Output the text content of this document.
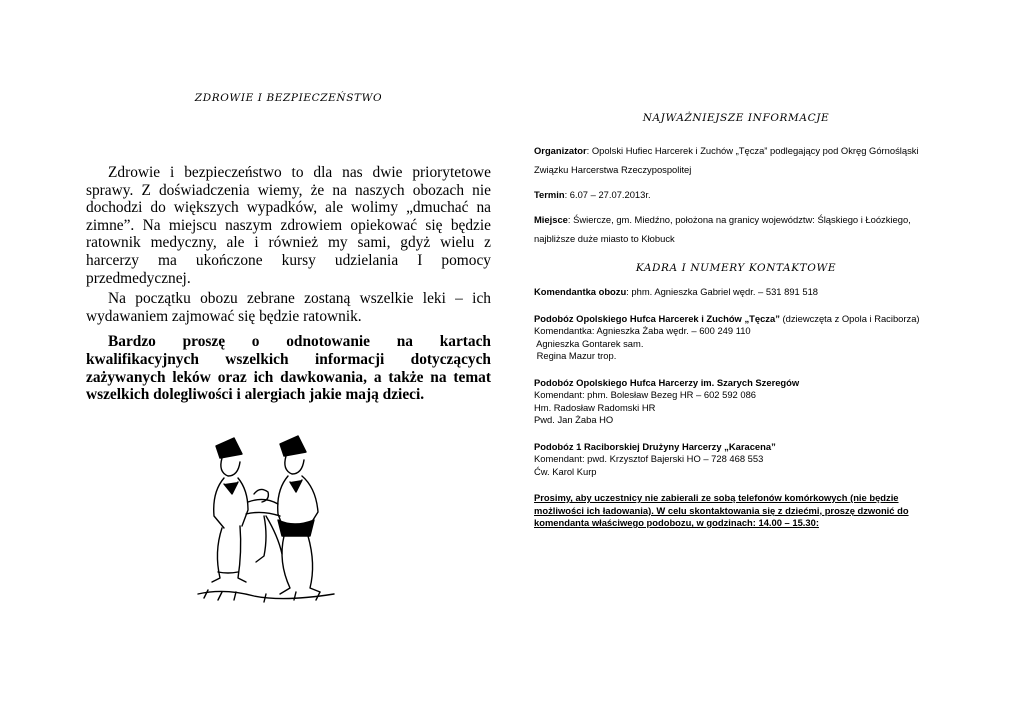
ZDROWIE I BEZPIECZEŃSTWO

Zdrowie i bezpieczeństwo to dla nas dwie priorytetowe sprawy. Z doświadczenia wiemy, że na naszych obozach nie dochodzi do większych wypadków, ale wolimy „dmuchać na zimne”. Na miejscu naszym zdrowiem opiekować się będzie ratownik medyczny, ale i również my sami, gdyż wielu z harcerzy ma ukończone kursy udzielania I pomocy przedmedycznej.

Na początku obozu zebrane zostaną wszelkie leki – ich wydawaniem zajmować się będzie ratownik.

Bardzo proszę o odnotowanie na kartach kwalifikacyjnych wszelkich informacji dotyczących zażywanych leków oraz ich dawkowania, a także na temat wszelkich dolegliwości i alergiach jakie mają dzieci.

NAJWAŻNIEJSZE INFORMACJE
Organizator: Opolski Hufiec Harcerek i Zuchów „Tęcza” podlegający pod Okręg Górnośląski Związku Harcerstwa Rzeczypospolitej
Termin: 6.07 – 27.07.2013r.
Miejsce: Świercze, gm. Miedźno, położona na granicy województw: Śląskiego i Łoózkiego, najbliższe duże miasto to Kłobuck
KADRA I NUMERY KONTAKTOWE
Komendantka obozu: phm. Agnieszka Gabriel wędr. – 531 891 518
Podobóz Opolskiego Hufca Harcerek i Zuchów „Tęcza” (dziewczęta z Opola i Raciborza)
Komendantka: Agnieszka Żaba wędr. – 600 249 110
Agnieszka Gontarek sam.
Regina Mazur trop.
Podobóz Opolskiego Hufca Harcerzy im. Szarych Szeregów
Komendant: phm. Bolesław Bezeg HR – 602 592 086
Hm. Radosław Radomski HR
Pwd. Jan Żaba HO
Podobóz 1 Raciborskiej Drużyny Harcerzy „Karacena”
Komendant: pwd. Krzysztof Bajerski HO – 728 468 553
Ćw. Karol Kurp
Prosimy, aby uczestnicy nie zabierali ze sobą telefonów komórkowych (nie będzie możliwości ich ładowania). W celu skontaktowania się z dziećmi, proszę dzwonić do komendanta właściwego podobozu, w godzinach: 14.00 – 15.30:
